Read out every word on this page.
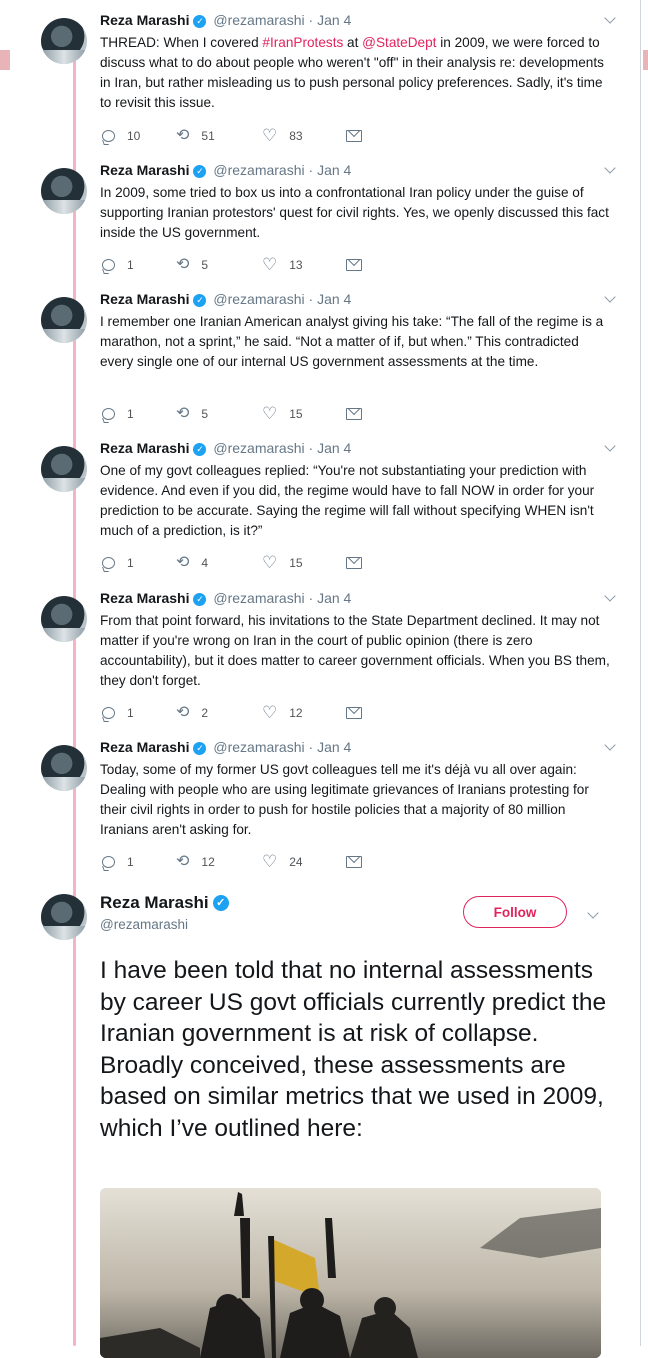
Reza Marashi ✓ @rezamarashi · Jan 4
THREAD: When I covered #IranProtests at @StateDept in 2009, we were forced to discuss what to do about people who weren't "off" in their analysis re: developments in Iran, but rather misleading us to push personal policy preferences. Sadly, it's time to revisit this issue.
10 ⟲ 51	♡ 83
Reza Marashi ✓ @rezamarashi · Jan 4
In 2009, some tried to box us into a confrontational Iran policy under the guise of supporting Iranian protestors' quest for civil rights. Yes, we openly discussed this fact inside the US government.
1	⟲ 5	♡ 13
Reza Marashi ✓ @rezamarashi · Jan 4
I remember one Iranian American analyst giving his take: “The fall of the regime is a marathon, not a sprint,” he said. “Not a matter of if, but when.” This contradicted every single one of our internal US government assessments at the time.
1	⟲ 5	♡ 15
Reza Marashi ✓ @rezamarashi · Jan 4
One of my govt colleagues replied: “You're not substantiating your prediction with evidence. And even if you did, the regime would have to fall NOW in order for your prediction to be accurate. Saying the regime will fall without specifying WHEN isn't much of a prediction, is it?”
1	⟲ 4	♡ 15
Reza Marashi ✓ @rezamarashi · Jan 4
From that point forward, his invitations to the State Department declined. It may not matter if you're wrong on Iran in the court of public opinion (there is zero accountability), but it does matter to career government officials. When you BS them, they don't forget.
1	⟲ 2	♡ 12
Reza Marashi ✓ @rezamarashi · Jan 4
Today, some of my former US govt colleagues tell me it's déjà vu all over again: Dealing with people who are using legitimate grievances of Iranians protesting for their civil rights in order to push for hostile policies that a majority of 80 million Iranians aren't asking for.
1	⟲ 12	♡ 24
Reza Marashi ✓
@rezamarashi
Follow
I have been told that no internal assessments by career US govt officials currently predict the Iranian government is at risk of collapse. Broadly conceived, these assessments are based on similar metrics that we used in 2009, which I’ve outlined here:
